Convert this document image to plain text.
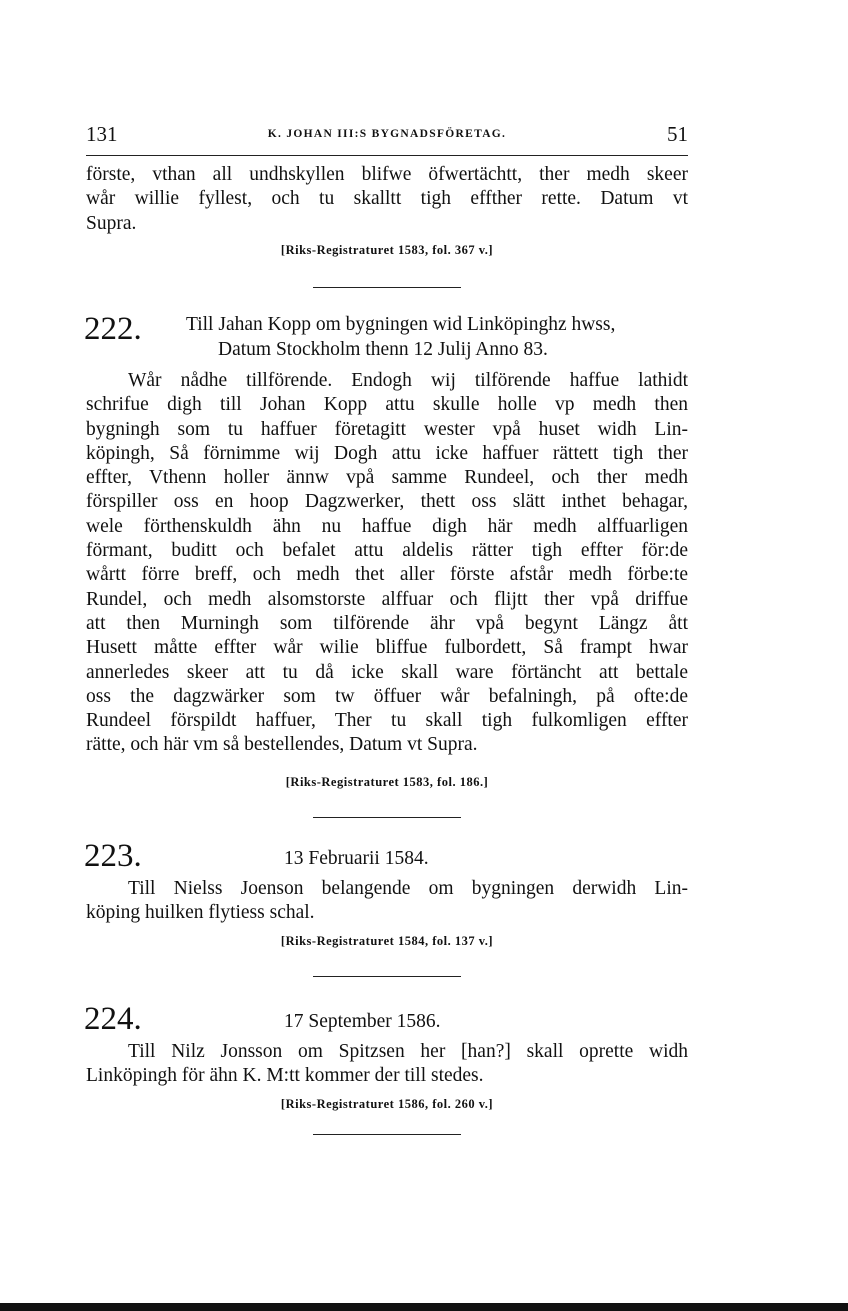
131	K. JOHAN III:S BYGNADSFÖRETAG.	51
förste, vthan all undhskyllen blifwe öfwertächtt, ther medh skeer
wår willie fyllest, och tu skalltt tigh effther rette. Datum vt
Supra.
[Riks-Registraturet 1583, fol. 367 v.]
222. Till Jahan Kopp om bygningen wid Linköpinghz hwss,
Datum Stockholm thenn 12 Julij Anno 83.
Wår nådhe tillförende. Endogh wij tilförende haffue lathidt
schrifue digh till Johan Kopp attu skulle holle vp medh then
bygningh som tu haffuer företagitt wester vpå huset widh Lin-
köpingh, Så förnimme wij Dogh attu icke haffuer rättett tigh ther
effter, Vthenn holler ännw vpå samme Rundeel, och ther medh
förspiller oss en hoop Dagzwerker, thett oss slätt inthet behagar,
wele förthenskuldh ähn nu haffue digh här medh alffuarligen
förmant, buditt och befalet attu aldelis rätter tigh effter för:de
wårtt förre breff, och medh thet aller förste afstår medh förbe:te
Rundel, och medh alsomstorste alffuar och flijtt ther vpå driffue
att then Murningh som tilförende ähr vpå begynt Längz ått
Husett måtte effter wår wilie bliffue fulbordett, Så frampt hwar
annerledes skeer att tu då icke skall ware förtäncht att bettale
oss the dagzwärker som tw öffuer wår befalningh, på ofte:de
Rundeel förspildt haffuer, Ther tu skall tigh fulkomligen effter
rätte, och här vm så bestellendes, Datum vt Supra.
[Riks-Registraturet 1583, fol. 186.]
223.	13 Februarii 1584.
Till Nielss Joenson belangende om bygningen derwidh Lin-
köping huilken flytiess schal.
[Riks-Registraturet 1584, fol. 137 v.]
224.	17 September 1586.
Till Nilz Jonsson om Spitzsen her [han?] skall oprette widh
Linköpingh för ähn K. M:tt kommer der till stedes.
[Riks-Registraturet 1586, fol. 260 v.]
